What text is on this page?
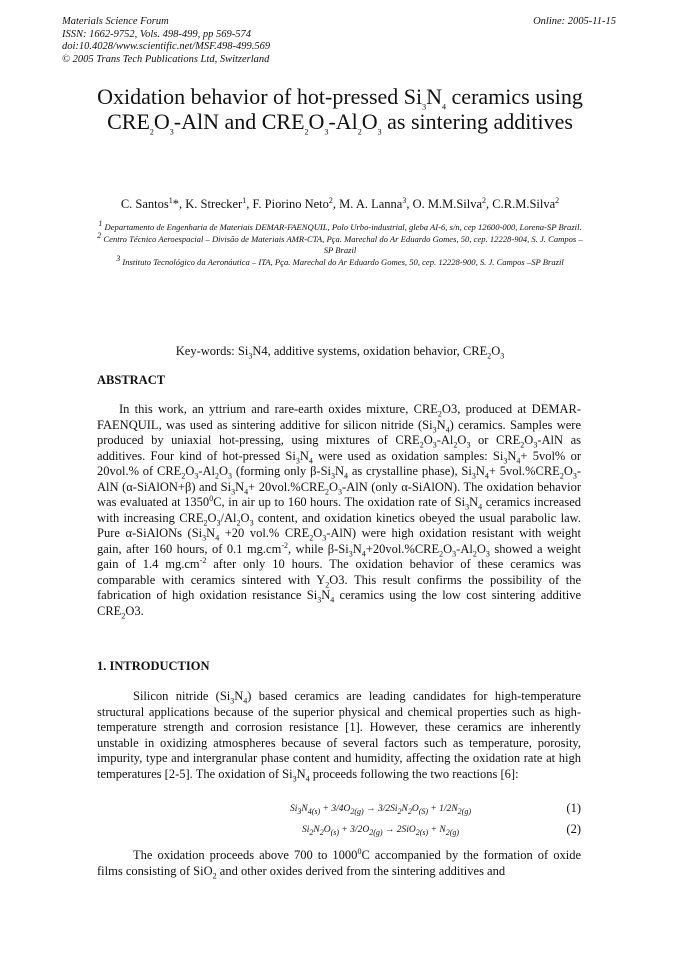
Materials Science Forum
ISSN: 1662-9752, Vols. 498-499, pp 569-574
doi:10.4028/www.scientific.net/MSF.498-499.569
© 2005 Trans Tech Publications Ltd, Switzerland
Online: 2005-11-15
Oxidation behavior of hot-pressed $Si_3N_4$ ceramics using $CRE_2O_3$-AlN and $CRE_2O_3-Al_2O_3$ as sintering additives
C. Santos$^1$*, K. Strecker$^1$, F. Piorino Neto$^2$, M. A. Lanna$^3$, O. M.M.Silva$^2$, C.R.M.Silva$^2$

$^1$ Departamento de Engenharia de Materiais DEMAR-FAENQUIL, Polo Urbo-industrial, gleba AI-6, s/n, cep 12600-000, Lorena-SP Brazil.

$^2$ Centro Técnico Aeroespacial – Divisão de Materiais AMR-CTA, Pça. Marechal do Ar Eduardo Gomes, 50, cep. 12228-904, S. J. Campos –SP Brazil

$^3$ Instituto Tecnológico da Aeronáutica – ITA, Pça. Marechal do Ar Eduardo Gomes, 50, cep. 12228-900, S. J. Campos –SP Brazil

Key-words: $Si_3N4$, additive systems, oxidation behavior, $CRE_2O_3$
ABSTRACT

In this work, an yttrium and rare-earth oxides mixture, $CRE_2O3$, produced at DEMAR-FAENQUIL, was used as sintering additive for silicon nitride $(Si_3N_4)$ ceramics. Samples were produced by uniaxial hot-pressing, using mixtures of $CRE_2O_3-Al_2O_3$ or $CRE_2O_3$-AlN as additives. Four kind of hot-pressed $Si_3N_4$ were used as oxidation samples: $Si_3N_4+ 5vol\%$ or 20vol.% of $CRE_2O_3-Al_2O_3$ (forming only $\beta-Si_3N_4$ as crystalline phase), $Si_3N_4+ 5vol.\%CRE_2O_3-AlN$ (α-SiAlON+β) and $Si_3N_4+ 20vol.\%CRE_2O_3-AlN$ (only α-SiAlON). The oxidation behavior was evaluated at 1350$^0$C, in air up to 160 hours. The oxidation rate of $Si_3N_4$ ceramics increased with increasing $CRE_2O_3/Al_2O_3$ content, and oxidation kinetics obeyed the usual parabolic law. Pure α-SiAlONs ($Si_3N_4 +20$ vol.% $CRE_2O_3-AlN$) were high oxidation resistant with weight gain, after 160 hours, of 0.1 $mg.cm^{-2}$, while $\beta-Si_3N_4+20vol.\%CRE_2O_3-Al_2O_3$ showed a weight gain of 1.4 $mg.cm^{-2}$ after only 10 hours. The oxidation behavior of these ceramics was comparable with ceramics sintered with $Y_2O3$. This result confirms the possibility of the fabrication of high oxidation resistance $Si_3N_4$ ceramics using the low cost sintering additive $CRE_2O3$.

1. INTRODUCTION

Silicon nitride $(Si_3N_4)$ based ceramics are leading candidates for high-temperature structural applications because of the superior physical and chemical properties such as high-temperature strength and corrosion resistance [1]. However, these ceramics are inherently unstable in oxidizing atmospheres because of several factors such as temperature, porosity, impurity, type and intergranular phase content and humidity, affecting the oxidation rate at high temperatures [2-5]. The oxidation of $Si_3N_4$ proceeds following the two reactions [6]:

$Si_3N_{4(s)} + 3/4O_{2(g)} \to 3/2Si_2N_2O_{(S)} + 1/2N_{2(g)}$	(1)
$Si_2N_2O_{(s)} + 3/2O_{2(g)} \to 2SiO_{2(s)} + N_{2(g)}$	(2)

The oxidation proceeds above 700 to 1000$^0$C accompanied by the formation of oxide films consisting of SiO$_2$ and other oxides derived from the sintering additives and
